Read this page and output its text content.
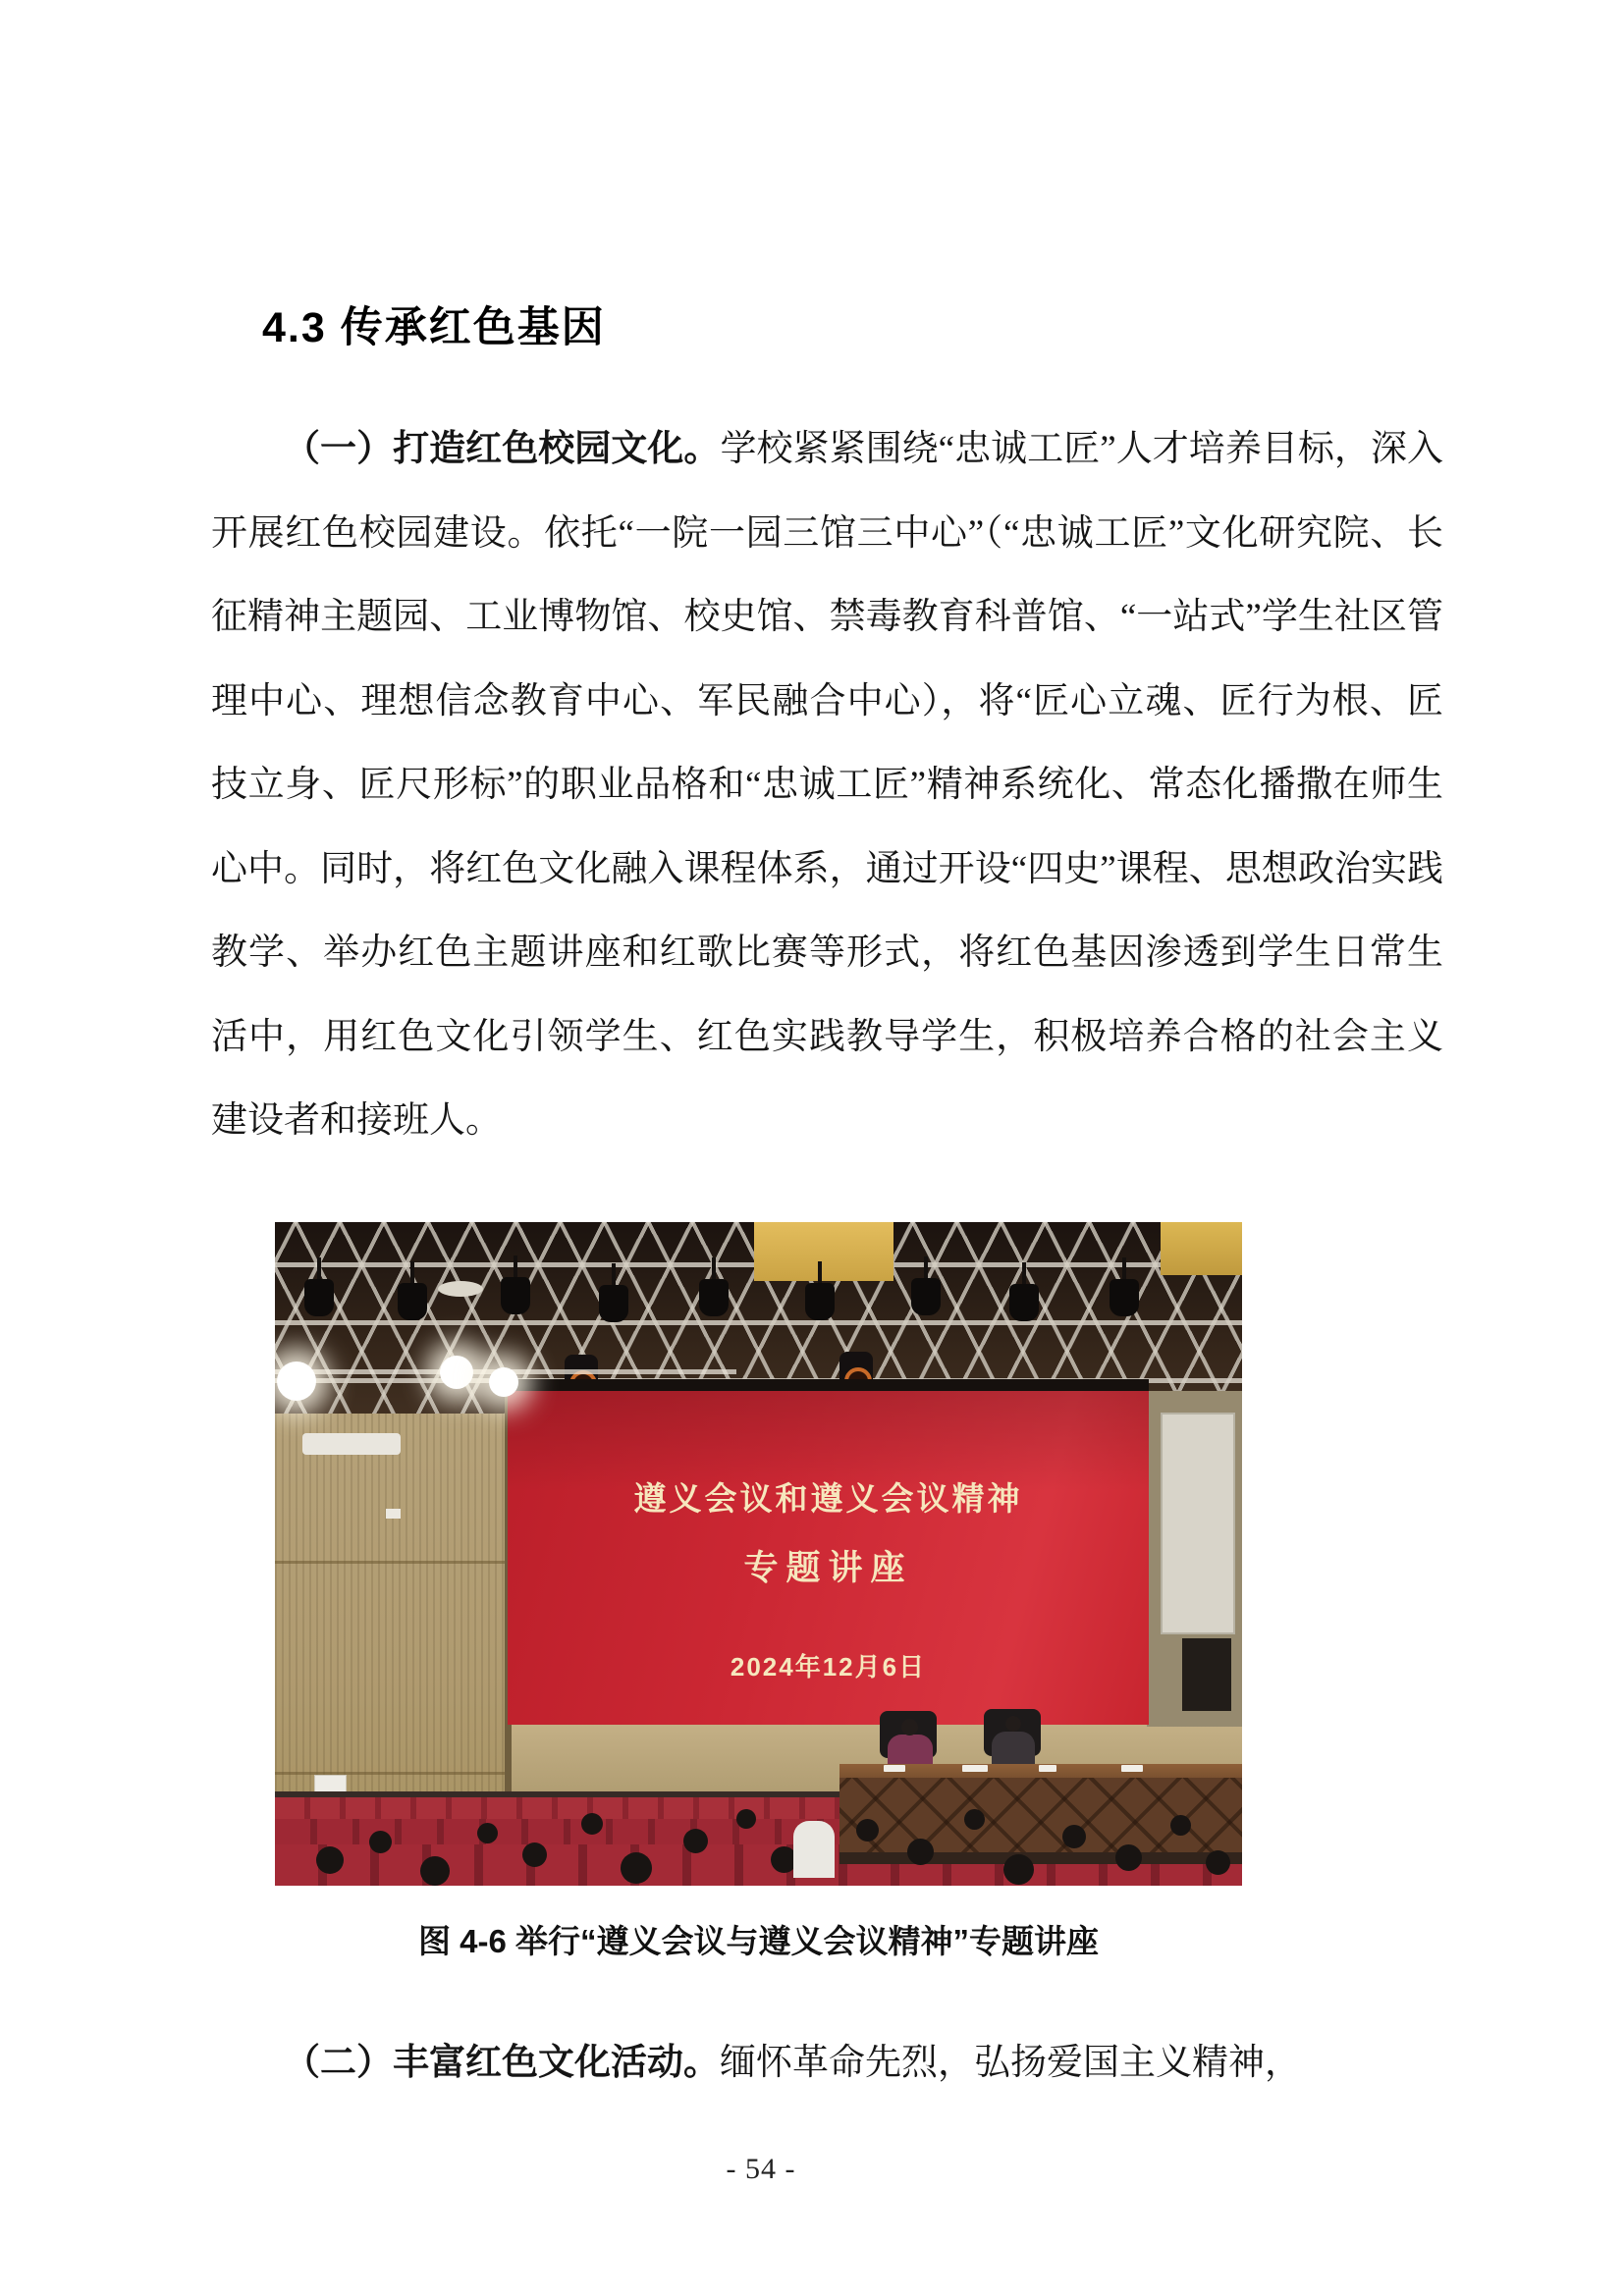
4.3 传承红色基因

（一）打造红色校园文化。学校紧紧围绕“忠诚工匠”人才培养目标，深入开展红色校园建设。依托“一院一园三馆三中心”（“忠诚工匠”文化研究院、长征精神主题园、工业博物馆、校史馆、禁毒教育科普馆、“一站式”学生社区管理中心、理想信念教育中心、军民融合中心），将“匠心立魂、匠行为根、匠技立身、匠尺形标”的职业品格和“忠诚工匠”精神系统化、常态化播撒在师生心中。同时，将红色文化融入课程体系，通过开设“四史”课程、思想政治实践教学、举办红色主题讲座和红歌比赛等形式，将红色基因渗透到学生日常生活中，用红色文化引领学生、红色实践教导学生，积极培养合格的社会主义建设者和接班人。

遵义会议和遵义会议精神
专题讲座
2024年12月6日
图 4-6 举行“遵义会议与遵义会议精神”专题讲座

（二）丰富红色文化活动。缅怀革命先烈，弘扬爱国主义精神，

- 54 -
